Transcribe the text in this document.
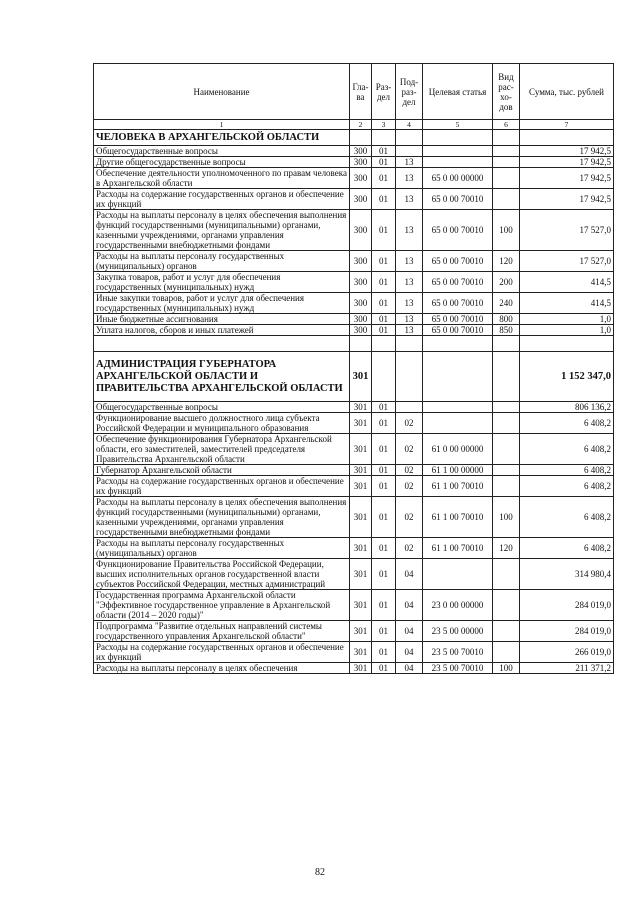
Наименование	Гла-ва	Раз-дел	Под-раз-дел	Целевая статья	Вид рас-хо-дов	Сумма, тыс. рублей
1	2	3	4	5	6	7
ЧЕЛОВЕКА В АРХАНГЕЛЬСКОЙ ОБЛАСТИ						
Общегосударственные вопросы	300	01				17 942,5
Другие общегосударственные вопросы	300	01	13			17 942,5
Обеспечение деятельности уполномоченного по правам человека в Архангельской области	300	01	13	65 0 00 00000		17 942,5
Расходы на содержание государственных органов и обеспечение их функций	300	01	13	65 0 00 70010		17 942,5
Расходы на выплаты персоналу в целях обеспечения выполнения функций государственными (муниципальными) органами, казенными учреждениями, органами управления государственными внебюджетными фондами	300	01	13	65 0 00 70010	100	17 527,0
Расходы на выплаты персоналу государственных (муниципальных) органов	300	01	13	65 0 00 70010	120	17 527,0
Закупка товаров, работ и услуг для обеспечения государственных (муниципальных) нужд	300	01	13	65 0 00 70010	200	414,5
Иные закупки товаров, работ и услуг для обеспечения государственных (муниципальных) нужд	300	01	13	65 0 00 70010	240	414,5
Иные бюджетные ассигнования	300	01	13	65 0 00 70010	800	1,0
Уплата налогов, сборов и иных платежей	300	01	13	65 0 00 70010	850	1,0

АДМИНИСТРАЦИЯ ГУБЕРНАТОРА АРХАНГЕЛЬСКОЙ ОБЛАСТИ И ПРАВИТЕЛЬСТВА АРХАНГЕЛЬСКОЙ ОБЛАСТИ	301					1 152 347,0
Общегосударственные вопросы	301	01				806 136,2
Функционирование высшего должностного лица субъекта Российской Федерации и муниципального образования	301	01	02			6 408,2
Обеспечение функционирования Губернатора Архангельской области, его заместителей, заместителей председателя Правительства Архангельской области	301	01	02	61 0 00 00000		6 408,2
Губернатор Архангельской области	301	01	02	61 1 00 00000		6 408,2
Расходы на содержание государственных органов и обеспечение их функций	301	01	02	61 1 00 70010		6 408,2
Расходы на выплаты персоналу в целях обеспечения выполнения функций государственными (муниципальными) органами, казенными учреждениями, органами управления государственными внебюджетными фондами	301	01	02	61 1 00 70010	100	6 408,2
Расходы на выплаты персоналу государственных (муниципальных) органов	301	01	02	61 1 00 70010	120	6 408,2
Функционирование Правительства Российской Федерации, высших исполнительных органов государственной власти субъектов Российской Федерации, местных администраций	301	01	04			314 980,4
Государственная программа Архангельской области "Эффективное государственное управление в Архангельской области (2014 – 2020 годы)"	301	01	04	23 0 00 00000		284 019,0
Подпрограмма "Развитие отдельных направлений системы государственного управления Архангельской области"	301	01	04	23 5 00 00000		284 019,0
Расходы на содержание государственных органов и обеспечение их функций	301	01	04	23 5 00 70010		266 019,0
Расходы на выплаты персоналу в целях обеспечения	301	01	04	23 5 00 70010	100	211 371,2
82
